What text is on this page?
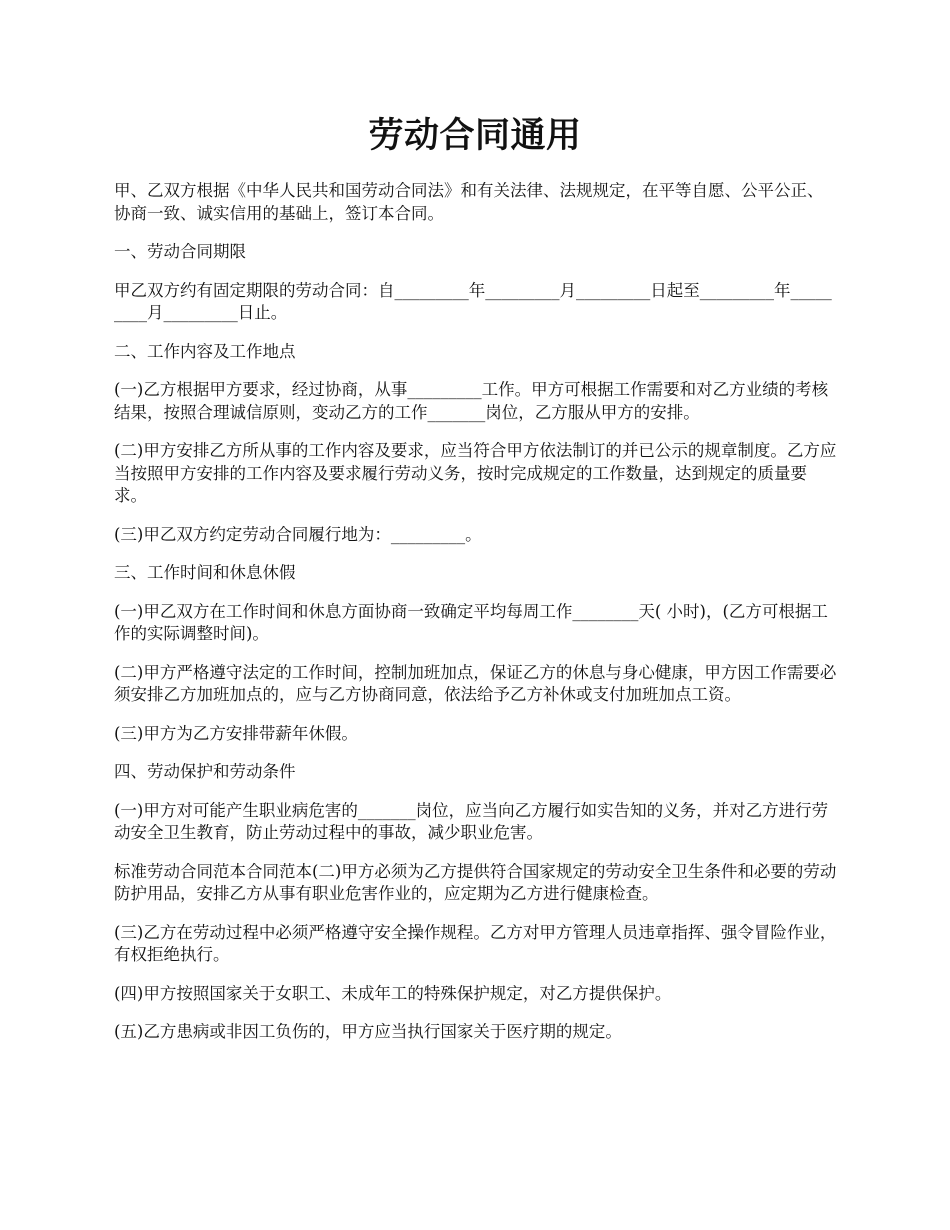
劳动合同通用

甲、乙双方根据《中华人民共和国劳动合同法》和有关法律、法规规定，在平等自愿、公平公正、协商一致、诚实信用的基础上，签订本合同。

一、劳动合同期限

甲乙双方约有固定期限的劳动合同：自_________年_________月_________日起至_________年_________月_________日止。

二、工作内容及工作地点

(一)乙方根据甲方要求，经过协商，从事_________工作。甲方可根据工作需要和对乙方业绩的考核结果，按照合理诚信原则，变动乙方的工作_______岗位，乙方服从甲方的安排。

(二)甲方安排乙方所从事的工作内容及要求，应当符合甲方依法制订的并已公示的规章制度。乙方应当按照甲方安排的工作内容及要求履行劳动义务，按时完成规定的工作数量，达到规定的质量要求。

(三)甲乙双方约定劳动合同履行地为：_________。

三、工作时间和休息休假

(一)甲乙双方在工作时间和休息方面协商一致确定平均每周工作________天( 小时)，(乙方可根据工作的实际调整时间)。

(二)甲方严格遵守法定的工作时间，控制加班加点，保证乙方的休息与身心健康，甲方因工作需要必须安排乙方加班加点的，应与乙方协商同意，依法给予乙方补休或支付加班加点工资。

(三)甲方为乙方安排带薪年休假。

四、劳动保护和劳动条件

(一)甲方对可能产生职业病危害的_______岗位，应当向乙方履行如实告知的义务，并对乙方进行劳动安全卫生教育，防止劳动过程中的事故，减少职业危害。

标准劳动合同范本合同范本(二)甲方必须为乙方提供符合国家规定的劳动安全卫生条件和必要的劳动防护用品，安排乙方从事有职业危害作业的，应定期为乙方进行健康检查。

(三)乙方在劳动过程中必须严格遵守安全操作规程。乙方对甲方管理人员违章指挥、强令冒险作业，有权拒绝执行。

(四)甲方按照国家关于女职工、未成年工的特殊保护规定，对乙方提供保护。

(五)乙方患病或非因工负伤的，甲方应当执行国家关于医疗期的规定。
